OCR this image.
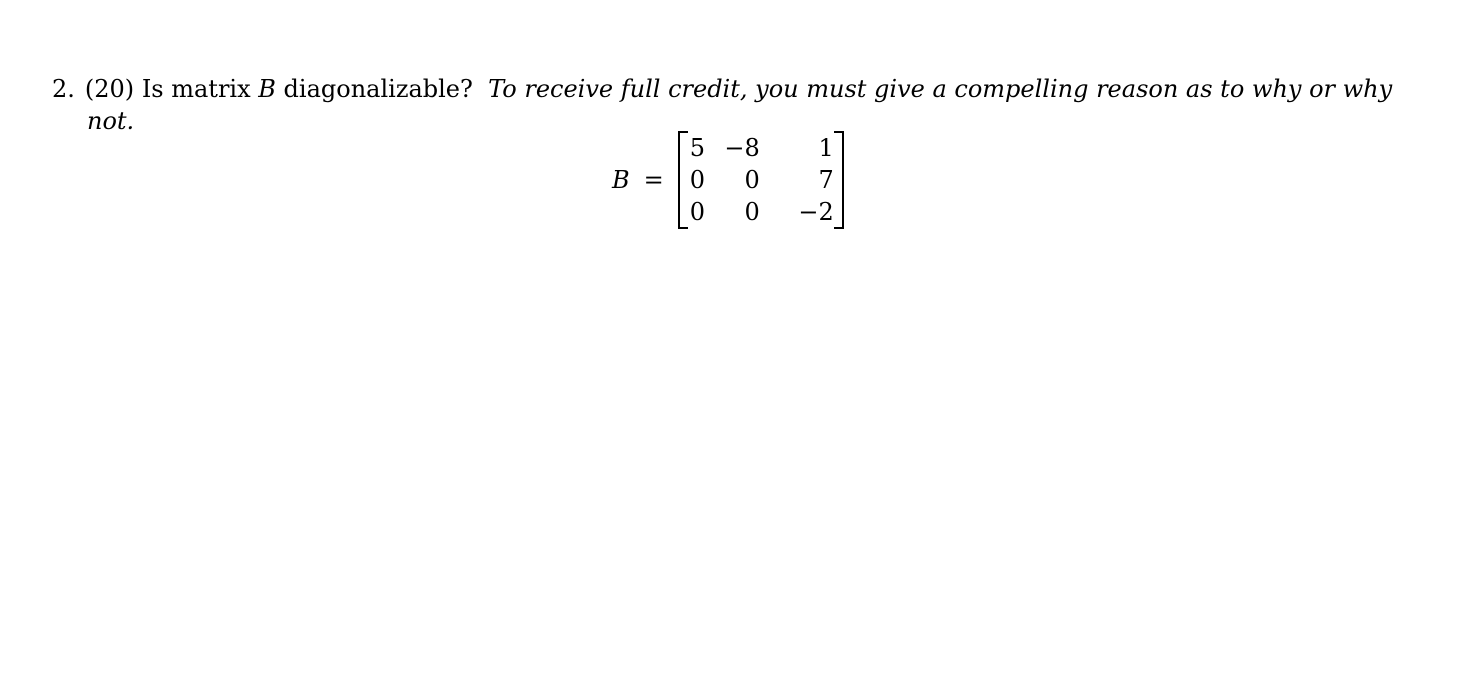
2. (20) Is matrix B diagonalizable? To receive full credit, you must give a compelling reason as to why or why
not.
B =
5 −8	1
0	0	7
0	0	−2
